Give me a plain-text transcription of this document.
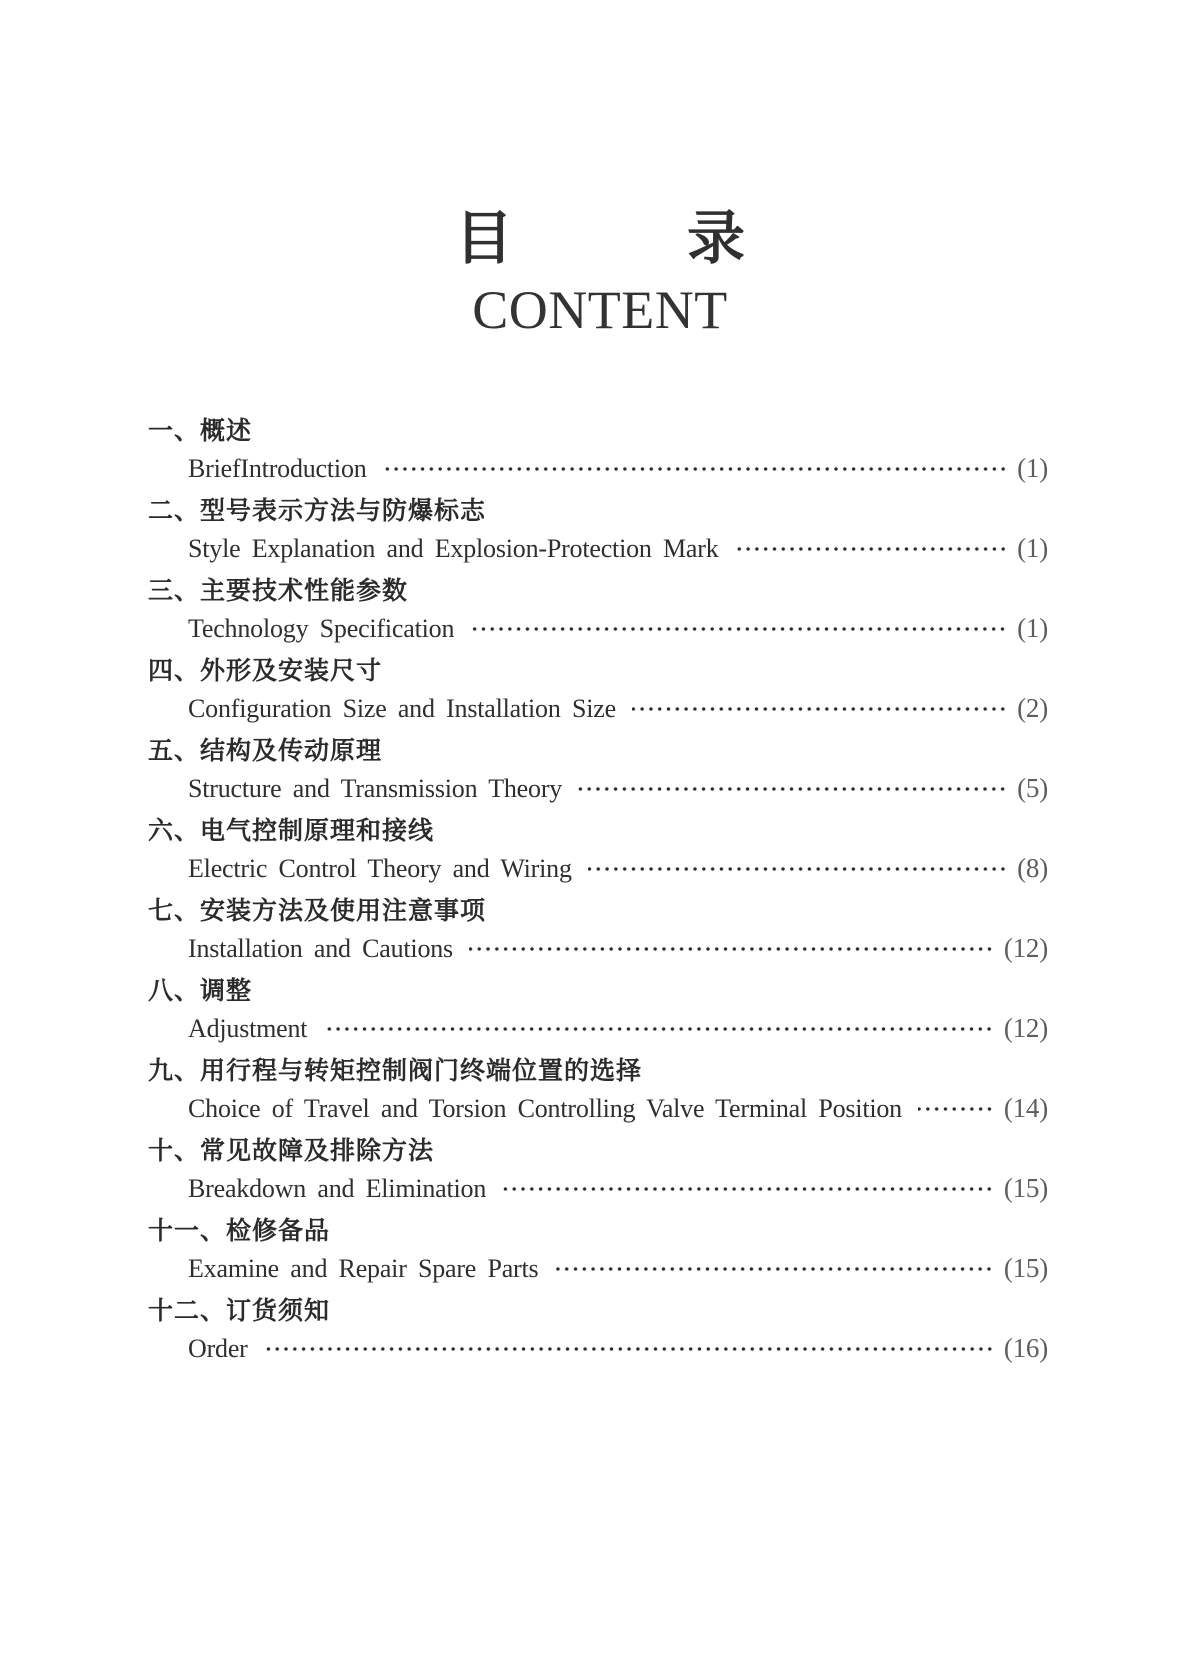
目　　　录
CONTENT
一、 概述
BriefIntroduction	(1)
二、 型号表示方法与防爆标志
Style Explanation and Explosion-Protection Mark	(1)
三、 主要技术性能参数
Technology Specification	(1)
四、 外形及安装尺寸
Configuration Size and Installation Size	(2)
五、 结构及传动原理
Structure and Transmission Theory	(5)
六、 电气控制原理和接线
Electric Control Theory and Wiring	(8)
七、 安装方法及使用注意事项
Installation and Cautions	(12)
八、 调整
Adjustment	(12)
九、 用行程与转矩控制阀门终端位置的选择
Choice of Travel and Torsion Controlling Valve Terminal Position	(14)
十、 常见故障及排除方法
Breakdown and Elimination	(15)
十一、 检修备品
Examine and Repair Spare Parts	(15)
十二、 订货须知
Order	(16)
